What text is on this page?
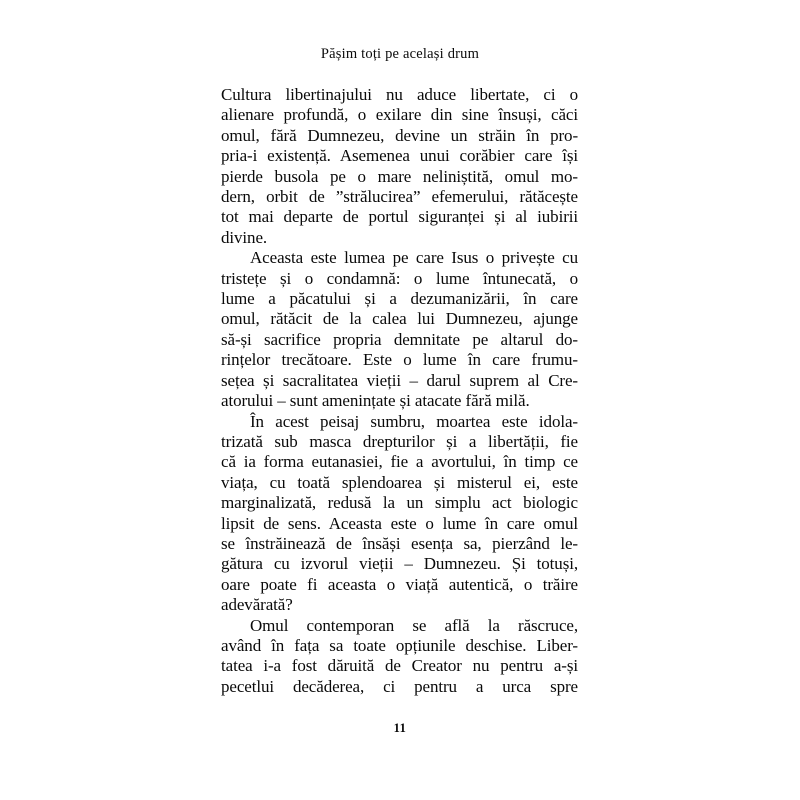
Pășim toți pe același drum
Cultura libertinajului nu aduce libertate, ci o
alienare profundă, o exilare din sine însuși, căci
omul, fără Dumnezeu, devine un străin în pro-
pria-i existență. Asemenea unui corăbier care își
pierde busola pe o mare neliniștită, omul mo-
dern, orbit de ”strălucirea” efemerului, rătăcește
tot mai departe de portul siguranței și al iubirii
divine.
Aceasta este lumea pe care Isus o privește cu
tristețe și o condamnă: o lume întunecată, o
lume a păcatului și a dezumanizării, în care
omul, rătăcit de la calea lui Dumnezeu, ajunge
să-și sacrifice propria demnitate pe altarul do-
rințelor trecătoare. Este o lume în care frumu-
sețea și sacralitatea vieții – darul suprem al Cre-
atorului – sunt amenințate și atacate fără milă.
În acest peisaj sumbru, moartea este idola-
trizată sub masca drepturilor și a libertății, fie
că ia forma eutanasiei, fie a avortului, în timp ce
viața, cu toată splendoarea și misterul ei, este
marginalizată, redusă la un simplu act biologic
lipsit de sens. Aceasta este o lume în care omul
se înstrăinează de însăși esența sa, pierzând le-
gătura cu izvorul vieții – Dumnezeu. Și totuși,
oare poate fi aceasta o viață autentică, o trăire
adevărată?
Omul contemporan se află la răscruce,
având în fața sa toate opțiunile deschise. Liber-
tatea i-a fost dăruită de Creator nu pentru a-și
pecetlui decăderea, ci pentru a urca spre
11
